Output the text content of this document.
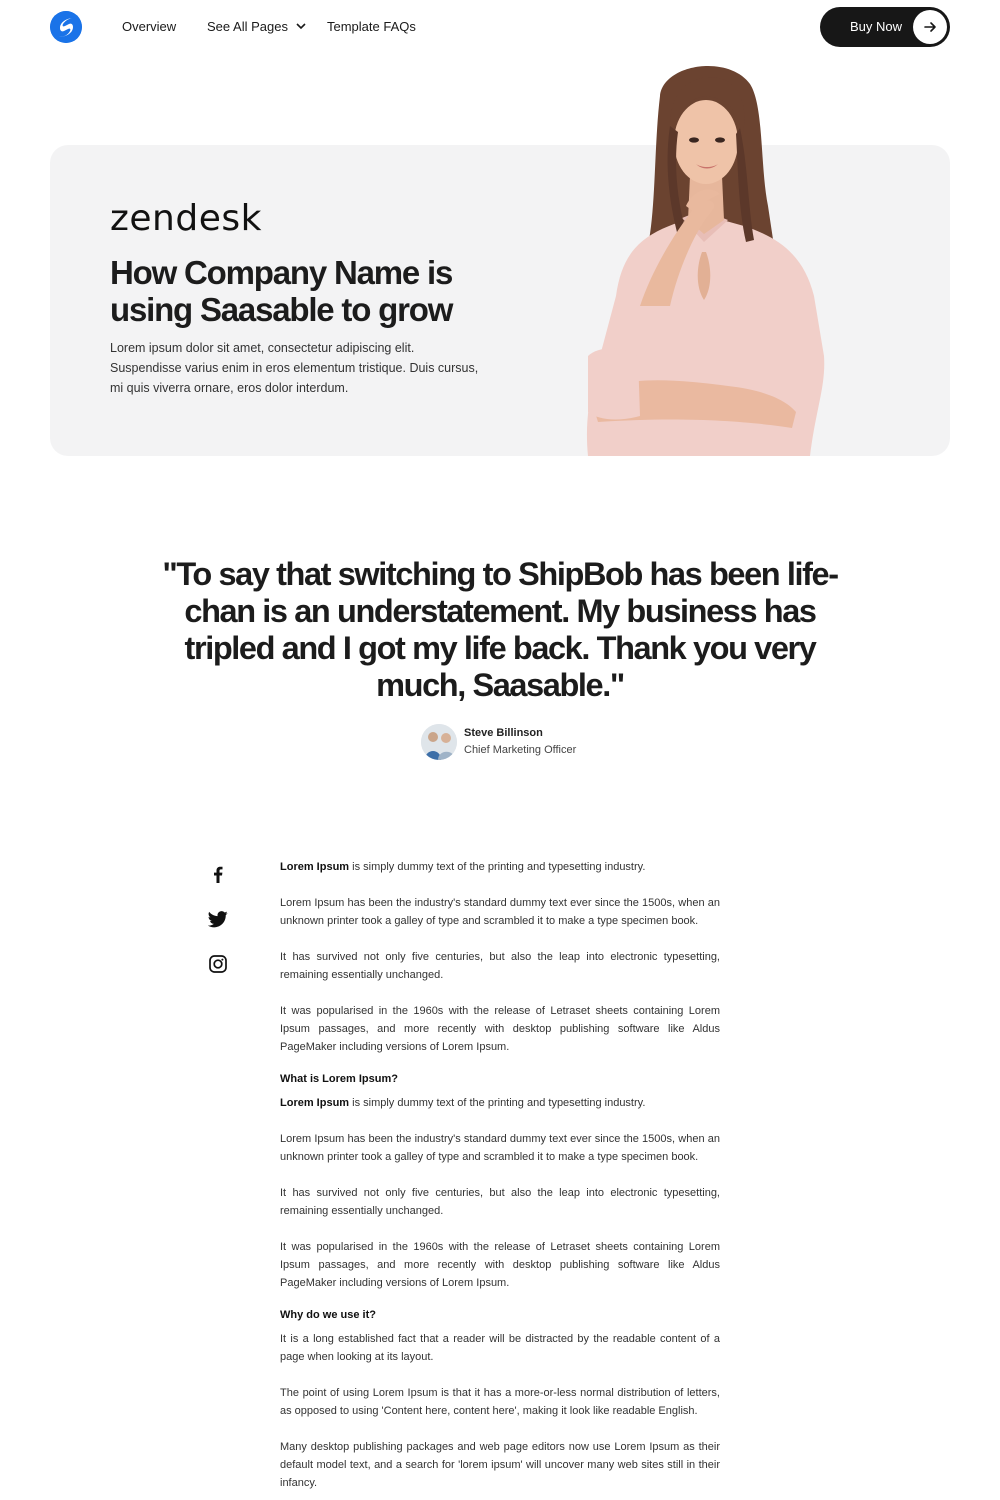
Overview See All Pages	Template FAQs	Buy Now
zendesk
How Company Name is using Saasable to grow

Lorem ipsum dolor sit amet, consectetur adipiscing elit. Suspendisse varius enim in eros elementum tristique. Duis cursus, mi quis viverra ornare, eros dolor interdum.

"To say that switching to ShipBob has been life-chan is an understatement. My business has tripled and I got my life back. Thank you very much, Saasable."
Steve Billinson
Chief Marketing Officer

Lorem Ipsum is simply dummy text of the printing and typesetting industry.

Lorem Ipsum has been the industry's standard dummy text ever since the 1500s, when an unknown printer took a galley of type and scrambled it to make a type specimen book.

It has survived not only five centuries, but also the leap into electronic typesetting, remaining essentially unchanged.

It was popularised in the 1960s with the release of Letraset sheets containing Lorem Ipsum passages, and more recently with desktop publishing software like Aldus PageMaker including versions of Lorem Ipsum.

What is Lorem Ipsum?

Lorem Ipsum is simply dummy text of the printing and typesetting industry.

Lorem Ipsum has been the industry's standard dummy text ever since the 1500s, when an unknown printer took a galley of type and scrambled it to make a type specimen book.

It has survived not only five centuries, but also the leap into electronic typesetting, remaining essentially unchanged.

It was popularised in the 1960s with the release of Letraset sheets containing Lorem Ipsum passages, and more recently with desktop publishing software like Aldus PageMaker including versions of Lorem Ipsum.

Why do we use it?

It is a long established fact that a reader will be distracted by the readable content of a page when looking at its layout.

The point of using Lorem Ipsum is that it has a more-or-less normal distribution of letters, as opposed to using 'Content here, content here', making it look like readable English.

Many desktop publishing packages and web page editors now use Lorem Ipsum as their default model text, and a search for 'lorem ipsum' will uncover many web sites still in their infancy.
